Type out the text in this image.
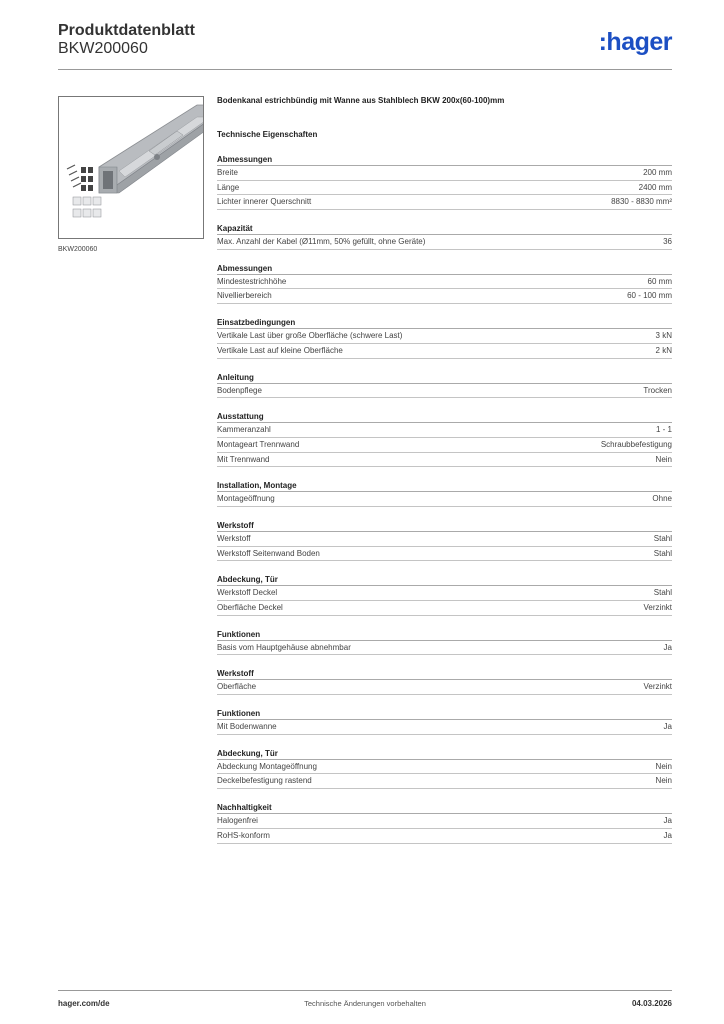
Produktdatenblatt
BKW200060	:hager
BKW200060
Bodenkanal estrichbündig mit Wanne aus Stahlblech BKW 200x(60-100)mm
Technische Eigenschaften
Abmessungen
Breite	200 mm
Länge	2400 mm
Lichter innerer Querschnitt	8830 - 8830 mm²
Kapazität
Max. Anzahl der Kabel (Ø11mm, 50% gefüllt, ohne Geräte)	36
Abmessungen
Mindestestrichhöhe	60 mm
Nivellierbereich	60 - 100 mm
Einsatzbedingungen
Vertikale Last über große Oberfläche (schwere Last)	3 kN
Vertikale Last auf kleine Oberfläche	2 kN
Anleitung
Bodenpflege	Trocken
Ausstattung
Kammeranzahl	1 - 1
Montageart Trennwand	Schraubbefestigung
Mit Trennwand	Nein
Installation, Montage
Montageöffnung	Ohne
Werkstoff
Werkstoff	Stahl
Werkstoff Seitenwand Boden	Stahl
Abdeckung, Tür
Werkstoff Deckel	Stahl
Oberfläche Deckel	Verzinkt
Funktionen
Basis vom Hauptgehäuse abnehmbar	Ja
Werkstoff
Oberfläche	Verzinkt
Funktionen
Mit Bodenwanne	Ja
Abdeckung, Tür
Abdeckung Montageöffnung	Nein
Deckelbefestigung rastend	Nein
Nachhaltigkeit
Halogenfrei	Ja
RoHS-konform	Ja
hager.com/de	Technische Änderungen vorbehalten	04.03.2026
